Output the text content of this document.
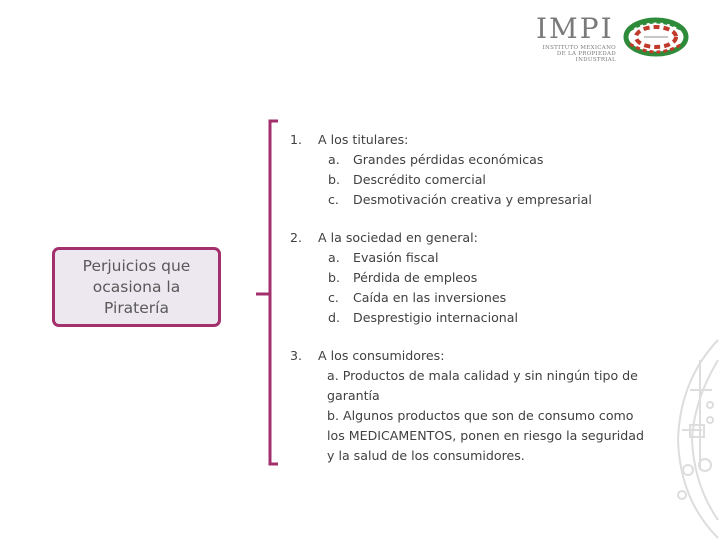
IMPI
INSTITUTO MEXICANO
DE LA PROPIEDAD
INDUSTRIAL
Perjuicios que
ocasiona la
Piratería
1.	A los titulares:
a. Grandes pérdidas económicas
b. Descrédito comercial
c. Desmotivación creativa y empresarial
2.	A la sociedad en general:
a. Evasión fiscal
b. Pérdida de empleos
c. Caída en las inversiones
d. Desprestigio internacional
3.	A los consumidores:
a. Productos de mala calidad y sin ningún tipo de garantía
b. Algunos productos que son de consumo como los MEDICAMENTOS, ponen en riesgo la seguridad y la salud de los consumidores.
